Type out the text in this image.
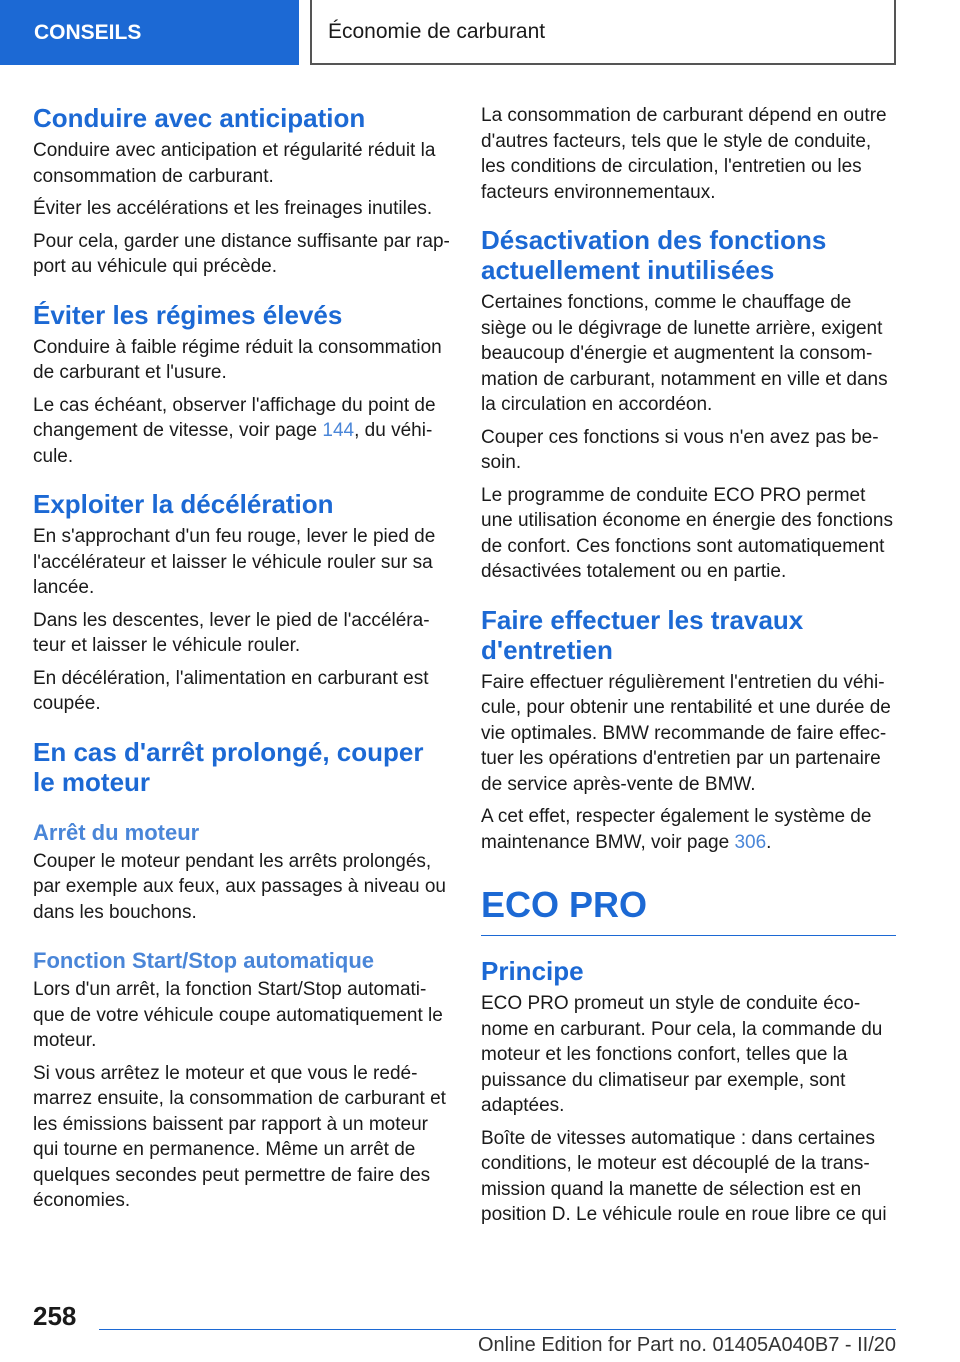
CONSEILS	Économie de carburant
Conduire avec anticipation

Conduire avec anticipation et régularité réduit la consommation de carburant.

Éviter les accélérations et les freinages inutiles.

Pour cela, garder une distance suffisante par rapport au véhicule qui précède.

Éviter les régimes élevés

Conduire à faible régime réduit la consommation de carburant et l'usure.

Le cas échéant, observer l'affichage du point de changement de vitesse, voir page 144, du véhicule.

Exploiter la décélération

En s'approchant d'un feu rouge, lever le pied de l'accélérateur et laisser le véhicule rouler sur sa lancée.

Dans les descentes, lever le pied de l'accélérateur et laisser le véhicule rouler.

En décélération, l'alimentation en carburant est coupée.

En cas d'arrêt prolongé, couper le moteur
Arrêt du moteur

Couper le moteur pendant les arrêts prolongés, par exemple aux feux, aux passages à niveau ou dans les bouchons.

Fonction Start/Stop automatique

Lors d'un arrêt, la fonction Start/Stop automatique de votre véhicule coupe automatiquement le moteur.

Si vous arrêtez le moteur et que vous le redémarrez ensuite, la consommation de carburant et les émissions baissent par rapport à un moteur qui tourne en permanence. Même un arrêt de quelques secondes peut permettre de faire des économies.

La consommation de carburant dépend en outre d'autres facteurs, tels que le style de conduite, les conditions de circulation, l'entretien ou les facteurs environnementaux.

Désactivation des fonctions actuellement inutilisées

Certaines fonctions, comme le chauffage de siège ou le dégivrage de lunette arrière, exigent beaucoup d'énergie et augmentent la consommation de carburant, notamment en ville et dans la circulation en accordéon.

Couper ces fonctions si vous n'en avez pas besoin.

Le programme de conduite ECO PRO permet une utilisation économe en énergie des fonctions de confort. Ces fonctions sont automatiquement désactivées totalement ou en partie.

Faire effectuer les travaux d'entretien

Faire effectuer régulièrement l'entretien du véhicule, pour obtenir une rentabilité et une durée de vie optimales. BMW recommande de faire effectuer les opérations d'entretien par un partenaire de service après-vente de BMW.

A cet effet, respecter également le système de maintenance BMW, voir page 306.

ECO PRO
Principe

ECO PRO promeut un style de conduite économe en carburant. Pour cela, la commande du moteur et les fonctions confort, telles que la puissance du climatiseur par exemple, sont adaptées.

Boîte de vitesses automatique : dans certaines conditions, le moteur est découplé de la transmission quand la manette de sélection est en position D. Le véhicule roule en roue libre ce qui

258
Online Edition for Part no. 01405A040B7 - II/20
